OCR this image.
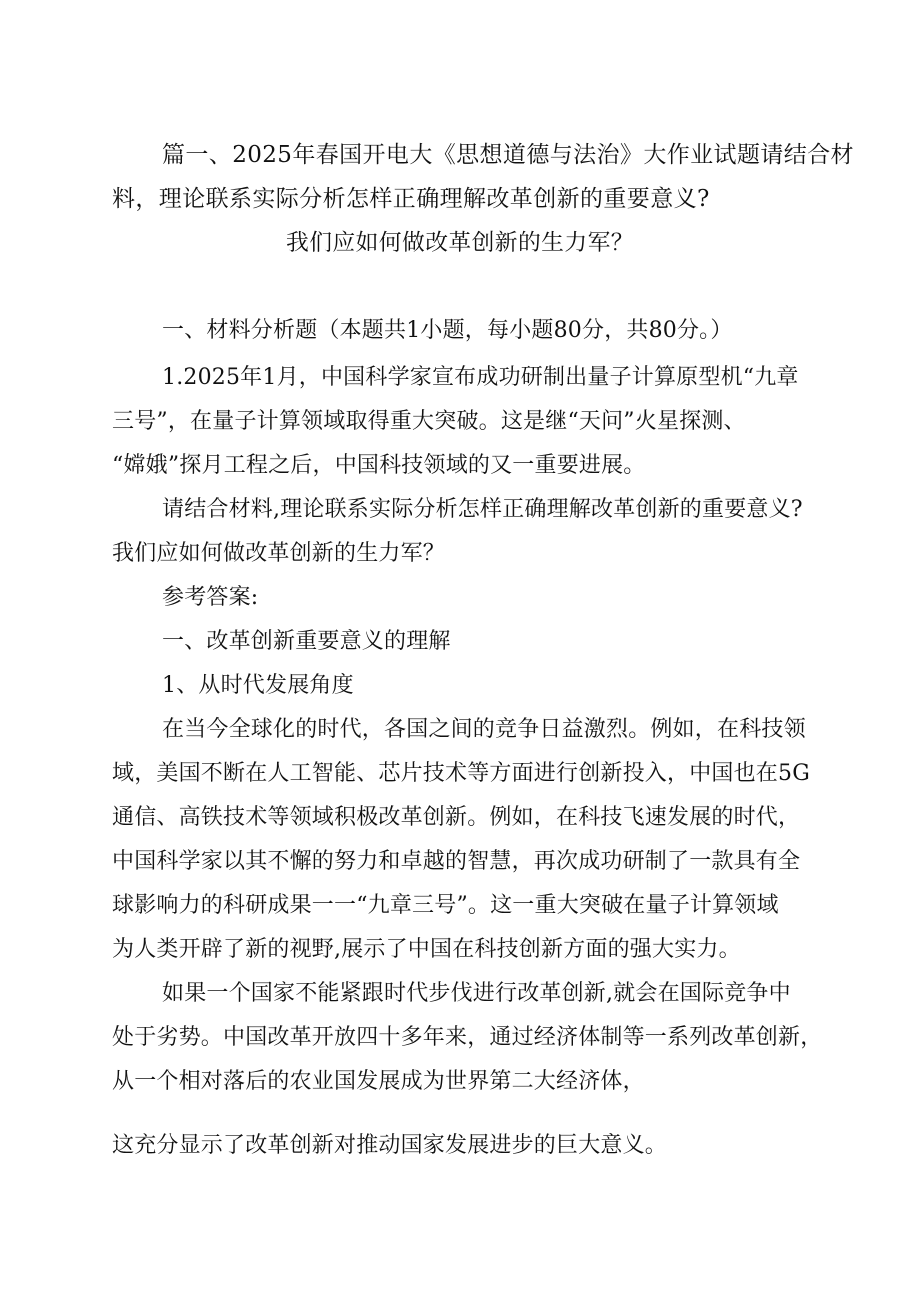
篇一、2025年春国开电大《思想道德与法治》大作业试题请结合材
料，理论联系实际分析怎样正确理解改革创新的重要意义?
我们应如何做改革创新的生力军？
一、材料分析题（本题共1小题，每小题80分，共80分。）
1.2025年1月，中国科学家宣布成功研制出量子计算原型机“九章
三号”，在量子计算领域取得重大突破。这是继“天问”火星探测、
“嫦娥”探月工程之后，中国科技领域的又一重要进展。
请结合材料,理论联系实际分析怎样正确理解改革创新的重要意义?
我们应如何做改革创新的生力军？
参考答案:
一、改革创新重要意义的理解
1、从时代发展角度
在当今全球化的时代，各国之间的竞争日益激烈。例如，在科技领
域，美国不断在人工智能、芯片技术等方面进行创新投入，中国也在5G
通信、高铁技术等领域积极改革创新。例如，在科技飞速发展的时代，
中国科学家以其不懈的努力和卓越的智慧，再次成功研制了一款具有全
球影响力的科研成果一一“九章三号”。这一重大突破在量子计算领域
为人类开辟了新的视野,展示了中国在科技创新方面的强大实力。
如果一个国家不能紧跟时代步伐进行改革创新,就会在国际竞争中
处于劣势。中国改革开放四十多年来，通过经济体制等一系列改革创新，
从一个相对落后的农业国发展成为世界第二大经济体，
这充分显示了改革创新对推动国家发展进步的巨大意义。
